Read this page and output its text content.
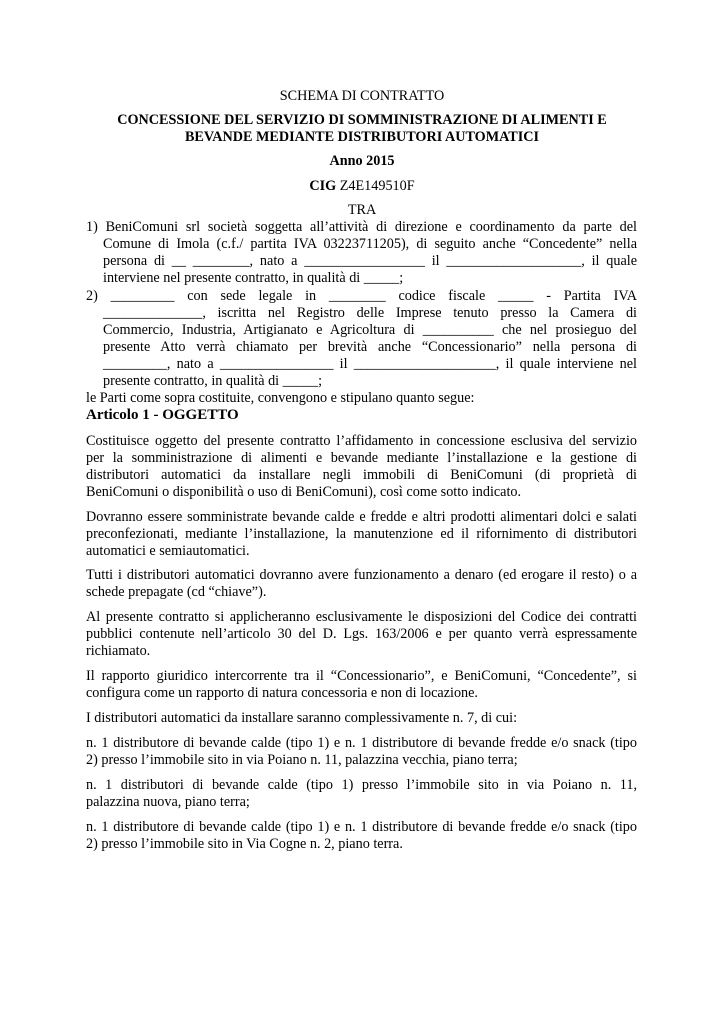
SCHEMA DI CONTRATTO
CONCESSIONE DEL SERVIZIO DI SOMMINISTRAZIONE DI ALIMENTI E
BEVANDE MEDIANTE DISTRIBUTORI AUTOMATICI
Anno 2015
CIG Z4E149510F
TRA
1) BeniComuni srl società soggetta all’attività di direzione e coordinamento da parte del
Comune di Imola (c.f./ partita IVA 03223711205), di seguito anche “Concedente” nella
persona di __ ________, nato a _________________ il ___________________, il quale
interviene nel presente contratto, in qualità di _____;
2) _________ con sede legale in ________ codice fiscale _____ - Partita IVA
______________, iscritta nel Registro delle Imprese tenuto presso la Camera di
Commercio, Industria, Artigianato e Agricoltura di __________ che nel prosieguo del
presente Atto verrà chiamato per brevità anche “Concessionario” nella persona di
_________, nato a ________________ il ____________________, il quale interviene nel
presente contratto, in qualità di _____;
le Parti come sopra costituite, convengono e stipulano quanto segue:
Articolo 1 - OGGETTO
Costituisce oggetto del presente contratto l’affidamento in concessione esclusiva del servizio
per la somministrazione di alimenti e bevande mediante l’installazione e la gestione di
distributori automatici da installare negli immobili di BeniComuni (di proprietà di
BeniComuni o disponibilità o uso di BeniComuni), così come sotto indicato.
Dovranno essere somministrate bevande calde e fredde e altri prodotti alimentari dolci e salati
preconfezionati, mediante l’installazione, la manutenzione ed il rifornimento di distributori
automatici e semiautomatici.
Tutti i distributori automatici dovranno avere funzionamento a denaro (ed erogare il resto) o a
schede prepagate (cd “chiave”).
Al presente contratto si applicheranno esclusivamente le disposizioni del Codice dei contratti
pubblici contenute nell’articolo 30 del D. Lgs. 163/2006 e per quanto verrà espressamente
richiamato.
Il rapporto giuridico intercorrente tra il “Concessionario”, e BeniComuni, “Concedente”, si
configura come un rapporto di natura concessoria e non di locazione.
I distributori automatici da installare saranno complessivamente n. 7, di cui:
n. 1 distributore di bevande calde (tipo 1) e n. 1 distributore di bevande fredde e/o snack (tipo
2) presso l’immobile sito in via Poiano n. 11, palazzina vecchia, piano terra;
n. 1 distributori di bevande calde (tipo 1) presso l’immobile sito in via Poiano n. 11,
palazzina nuova, piano terra;
n. 1 distributore di bevande calde (tipo 1) e n. 1 distributore di bevande fredde e/o snack (tipo
2) presso l’immobile sito in Via Cogne n. 2, piano terra.
